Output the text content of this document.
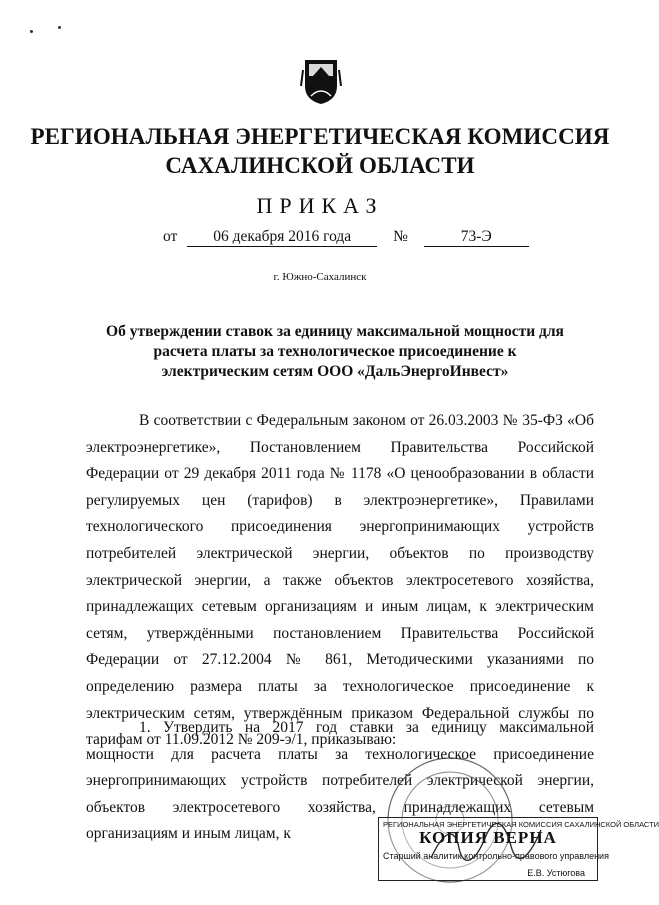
РЕГИОНАЛЬНАЯ ЭНЕРГЕТИЧЕСКАЯ КОМИССИЯ
САХАЛИНСКОЙ ОБЛАСТИ
ПРИКАЗ
от 06 декабря 2016 года	№	73-Э
г. Южно-Сахалинск
Об утверждении ставок за единицу максимальной мощности для расчета платы за технологическое присоединение к электрическим сетям ООО «ДальЭнергоИнвест»

В соответствии с Федеральным законом от 26.03.2003 № 35-ФЗ «Об электроэнергетике», Постановлением Правительства Российской Федерации от 29 декабря 2011 года № 1178 «О ценообразовании в области регулируемых цен (тарифов) в электроэнергетике», Правилами технологического присоединения энергопринимающих устройств потребителей электрической энергии, объектов по производству электрической энергии, а также объектов электросетевого хозяйства, принадлежащих сетевым организациям и иным лицам, к электрическим сетям, утверждёнными постановлением Правительства Российской Федерации от 27.12.2004 № 861, Методическими указаниями по определению размера платы за технологическое присоединение к электрическим сетям, утверждённым приказом Федеральной службы по тарифам от 11.09.2012 № 209-э/1, приказываю:

1. Утвердить на 2017 год ставки за единицу максимальной мощности для расчета платы за технологическое присоединение энергопринимающих устройств потребителей электрической энергии, объектов электросетевого хозяйства, принадлежащих сетевым организациям и иным лицам, к

РЕГИОНАЛЬНАЯ ЭНЕРГЕТИЧЕСКАЯ КОМИССИЯ САХАЛИНСКОЙ ОБЛАСТИ
КОПИЯ ВЕРНА
Старший аналитик контрольно-правового управления
Е.В. Устюгова
